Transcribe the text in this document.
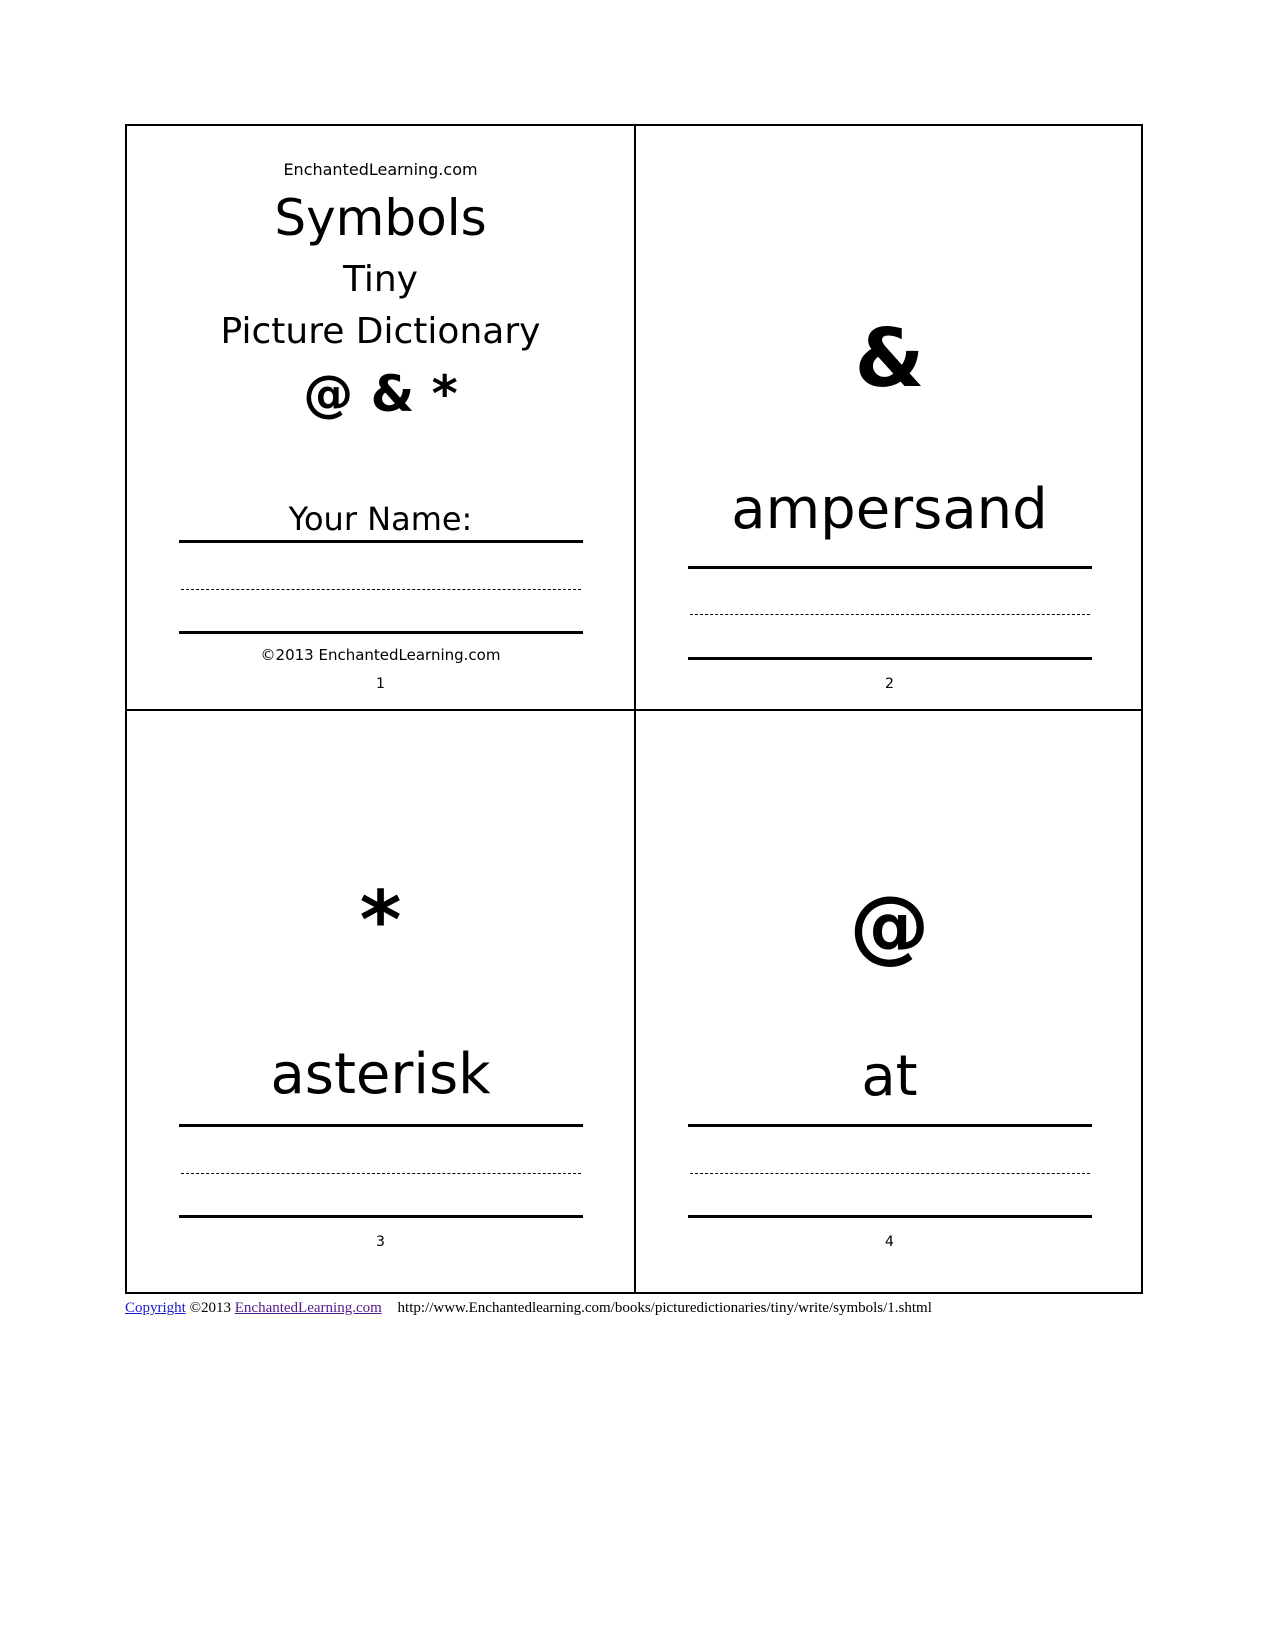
EnchantedLearning.com
Symbols
Tiny
Picture Dictionary
@ & *
Your Name:
©2013 EnchantedLearning.com
1
&
ampersand
2
*
asterisk
3
@
at
4
Copyright ©2013 EnchantedLearning.com http://www.Enchantedlearning.com/books/picturedictionaries/tiny/write/symbols/1.shtml
